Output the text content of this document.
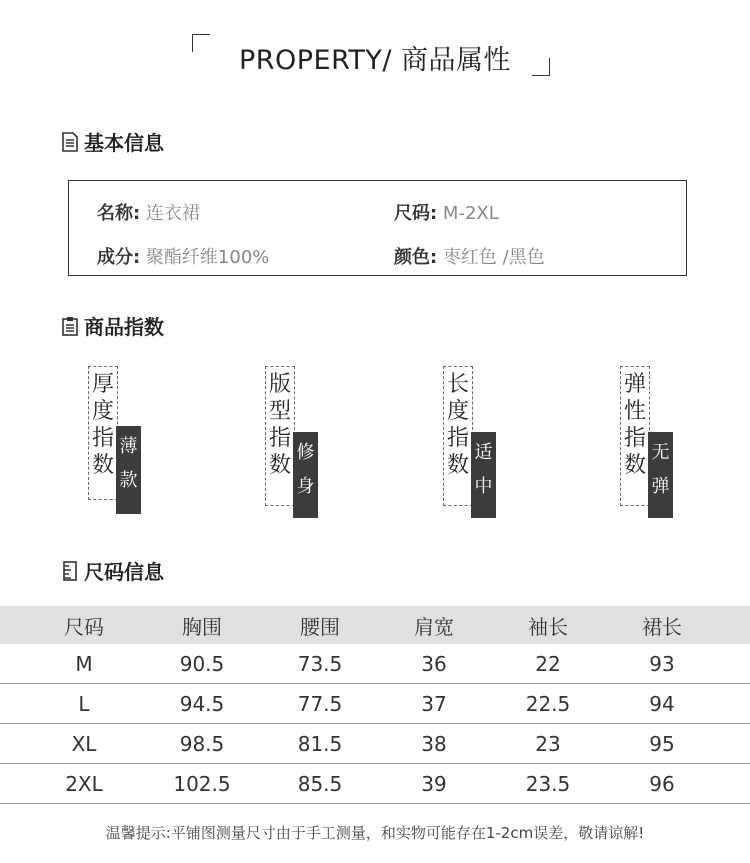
PROPERTY/ 商品属性
基本信息
名称: 连衣裙	尺码: M-2XL
成分: 聚酯纤维100%	颜色: 枣红色 /黑色
商品指数
厚度指数
薄款
版型指数
修身
长度指数
适中
弹性指数
无弹
尺码信息
尺码	胸围	腰围	肩宽	袖长	裙长
M	90.5	73.5	36	22	93
L	94.5	77.5	37	22.5	94
XL	98.5	81.5	38	23	95
2XL	102.5	85.5	39	23.5	96
温馨提示:平铺图测量尺寸由于手工测量，和实物可能存在1-2cm误差，敬请谅解!
